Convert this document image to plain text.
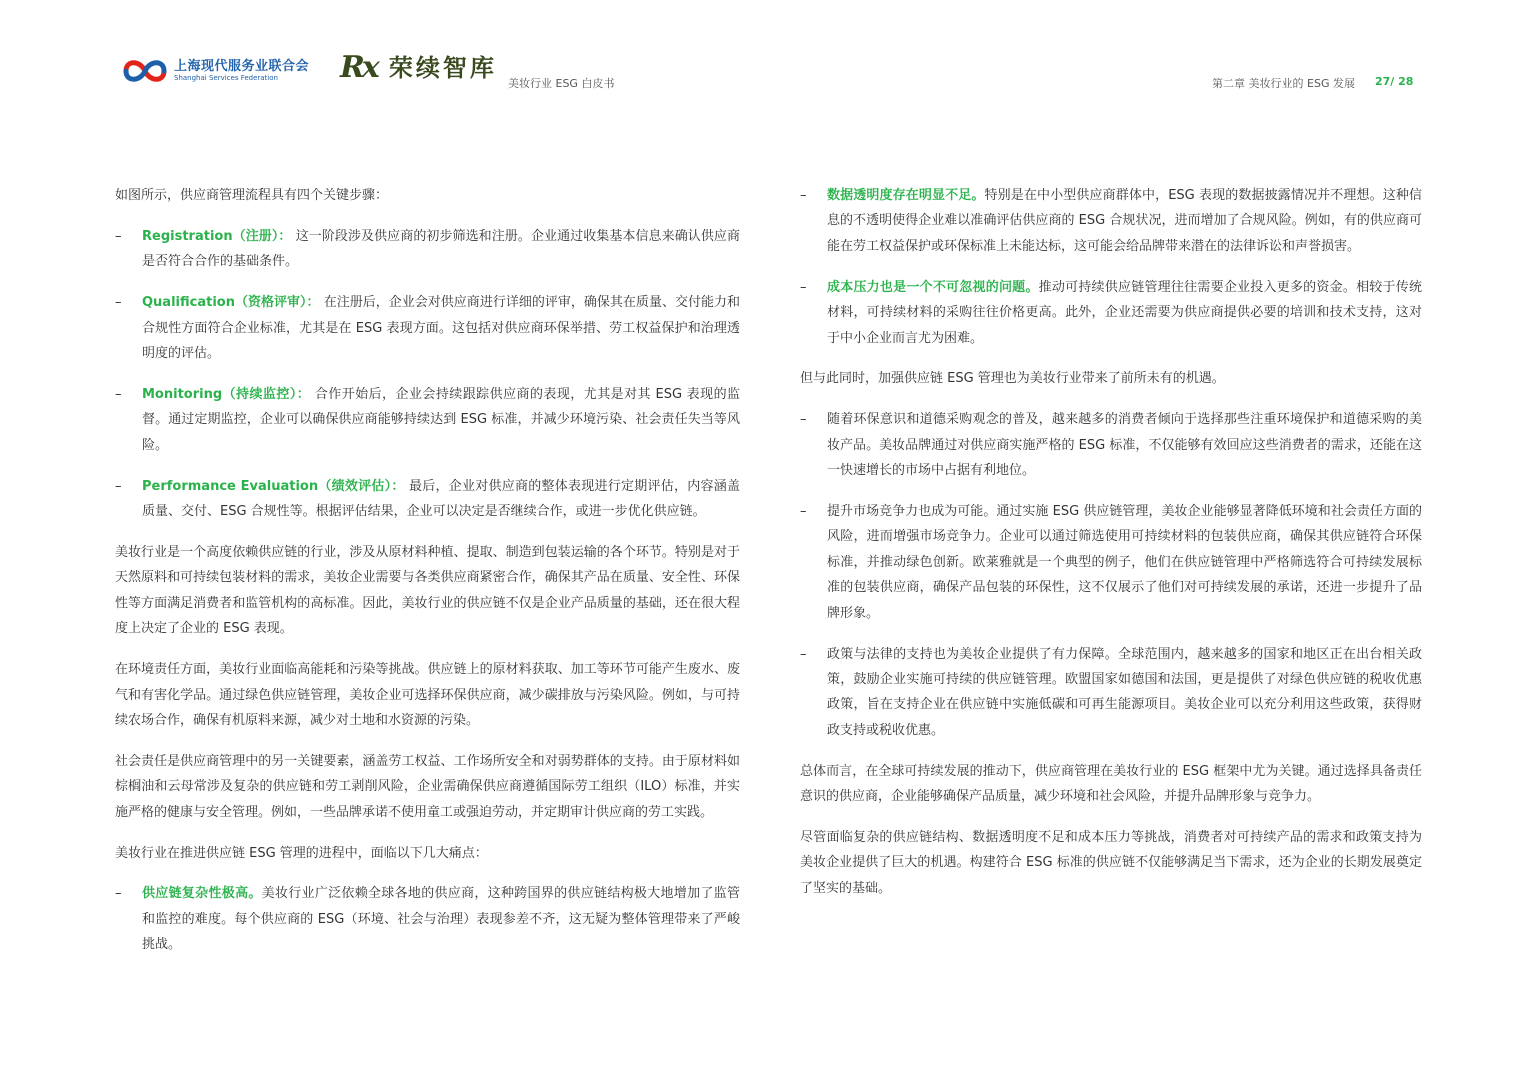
上海现代服务业联合会
Shanghai Services Federation	Rx 荣续智库
美妆行业 ESG 白皮书	第二章 美妆行业的 ESG 发展 27/ 28

如图所示，供应商管理流程具有四个关键步骤：

– Registration（注册）： 这一阶段涉及供应商的初步筛选和注册。企业通过收集基本信息来确认供应商是否符合合作的基础条件。
– Qualification（资格评审）： 在注册后，企业会对供应商进行详细的评审，确保其在质量、交付能力和合规性方面符合企业标准，尤其是在 ESG 表现方面。这包括对供应商环保举措、劳工权益保护和治理透明度的评估。
– Monitoring（持续监控）： 合作开始后，企业会持续跟踪供应商的表现，尤其是对其 ESG 表现的监督。通过定期监控，企业可以确保供应商能够持续达到 ESG 标准，并减少环境污染、社会责任失当等风险。
– Performance Evaluation（绩效评估）： 最后，企业对供应商的整体表现进行定期评估，内容涵盖质量、交付、ESG 合规性等。根据评估结果，企业可以决定是否继续合作，或进一步优化供应链。

美妆行业是一个高度依赖供应链的行业，涉及从原材料种植、提取、制造到包装运输的各个环节。特别是对于天然原料和可持续包装材料的需求，美妆企业需要与各类供应商紧密合作，确保其产品在质量、安全性、环保性等方面满足消费者和监管机构的高标准。因此，美妆行业的供应链不仅是企业产品质量的基础，还在很大程度上决定了企业的 ESG 表现。

在环境责任方面，美妆行业面临高能耗和污染等挑战。供应链上的原材料获取、加工等环节可能产生废水、废气和有害化学品。通过绿色供应链管理，美妆企业可选择环保供应商，减少碳排放与污染风险。例如，与可持续农场合作，确保有机原料来源，减少对土地和水资源的污染。

社会责任是供应商管理中的另一关键要素，涵盖劳工权益、工作场所安全和对弱势群体的支持。由于原材料如棕榈油和云母常涉及复杂的供应链和劳工剥削风险，企业需确保供应商遵循国际劳工组织（ILO）标准，并实施严格的健康与安全管理。例如，一些品牌承诺不使用童工或强迫劳动，并定期审计供应商的劳工实践。

美妆行业在推进供应链 ESG 管理的进程中，面临以下几大痛点：

– 供应链复杂性极高。美妆行业广泛依赖全球各地的供应商，这种跨国界的供应链结构极大地增加了监管和监控的难度。每个供应商的 ESG（环境、社会与治理）表现参差不齐，这无疑为整体管理带来了严峻挑战。
– 数据透明度存在明显不足。特别是在中小型供应商群体中，ESG 表现的数据披露情况并不理想。这种信息的不透明使得企业难以准确评估供应商的 ESG 合规状况，进而增加了合规风险。例如，有的供应商可能在劳工权益保护或环保标准上未能达标，这可能会给品牌带来潜在的法律诉讼和声誉损害。
– 成本压力也是一个不可忽视的问题。推动可持续供应链管理往往需要企业投入更多的资金。相较于传统材料，可持续材料的采购往往价格更高。此外，企业还需要为供应商提供必要的培训和技术支持，这对于中小企业而言尤为困难。

但与此同时，加强供应链 ESG 管理也为美妆行业带来了前所未有的机遇。

– 随着环保意识和道德采购观念的普及，越来越多的消费者倾向于选择那些注重环境保护和道德采购的美妆产品。美妆品牌通过对供应商实施严格的 ESG 标准，不仅能够有效回应这些消费者的需求，还能在这一快速增长的市场中占据有利地位。
– 提升市场竞争力也成为可能。通过实施 ESG 供应链管理，美妆企业能够显著降低环境和社会责任方面的风险，进而增强市场竞争力。企业可以通过筛选使用可持续材料的包装供应商，确保其供应链符合环保标准，并推动绿色创新。欧莱雅就是一个典型的例子，他们在供应链管理中严格筛选符合可持续发展标准的包装供应商，确保产品包装的环保性，这不仅展示了他们对可持续发展的承诺，还进一步提升了品牌形象。
– 政策与法律的支持也为美妆企业提供了有力保障。全球范围内，越来越多的国家和地区正在出台相关政策，鼓励企业实施可持续的供应链管理。欧盟国家如德国和法国，更是提供了对绿色供应链的税收优惠政策，旨在支持企业在供应链中实施低碳和可再生能源项目。美妆企业可以充分利用这些政策，获得财政支持或税收优惠。

总体而言，在全球可持续发展的推动下，供应商管理在美妆行业的 ESG 框架中尤为关键。通过选择具备责任意识的供应商，企业能够确保产品质量，减少环境和社会风险，并提升品牌形象与竞争力。

尽管面临复杂的供应链结构、数据透明度不足和成本压力等挑战，消费者对可持续产品的需求和政策支持为美妆企业提供了巨大的机遇。构建符合 ESG 标准的供应链不仅能够满足当下需求，还为企业的长期发展奠定了坚实的基础。
